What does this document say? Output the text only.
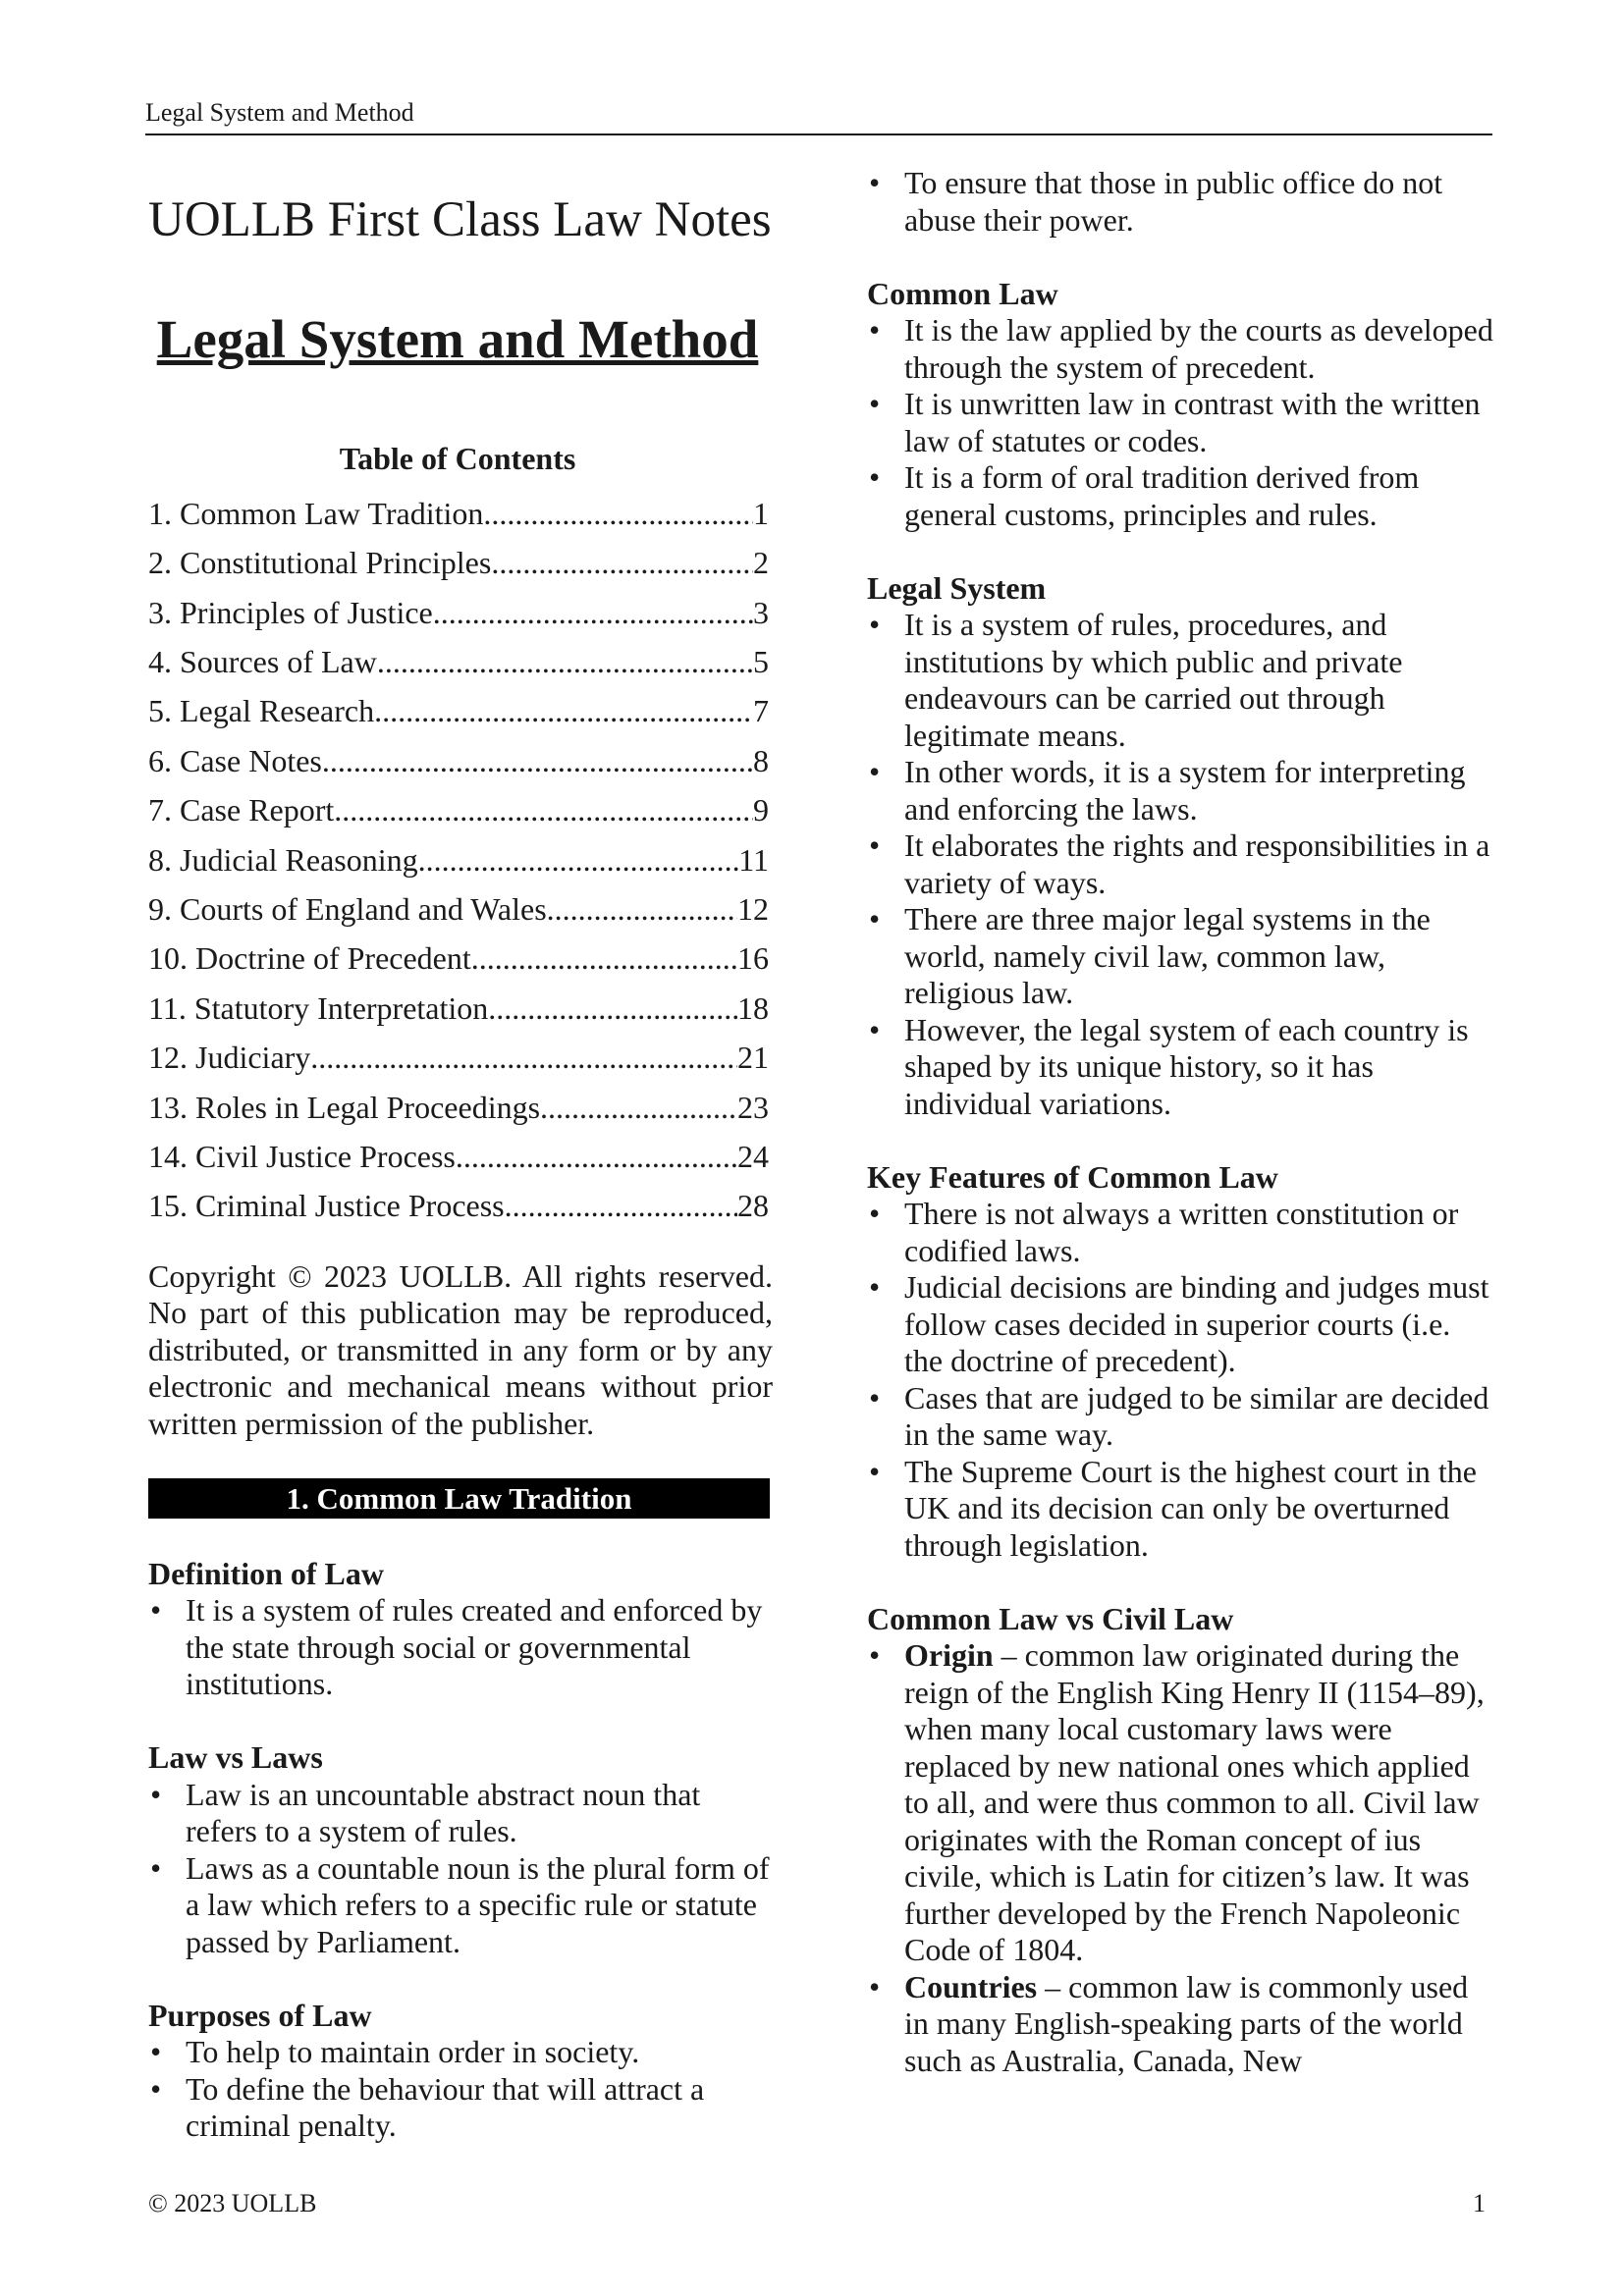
Legal System and Method
UOLLB First Class Law Notes
Legal System and Method
Table of Contents
1. Common Law Tradition .....	1
2. Constitutional Principles .....	2
3. Principles of Justice .....	3
4. Sources of Law .....	5
5. Legal Research .....	7
6. Case Notes .....	8
7. Case Report .....	9
8. Judicial Reasoning .....	11
9. Courts of England and Wales .....	12
10. Doctrine of Precedent .....	16
11. Statutory Interpretation .....	18
12. Judiciary .....	21
13. Roles in Legal Proceedings .....	23
14. Civil Justice Process .....	24
15. Criminal Justice Process .....	28

Copyright © 2023 UOLLB. All rights reserved. No part of this publication may be reproduced, distributed, or transmitted in any form or by any electronic and mechanical means without prior written permission of the publisher.

1. Common Law Tradition
Definition of Law
• It is a system of rules created and enforced by the state through social or governmental institutions.
Law vs Laws
• Law is an uncountable abstract noun that refers to a system of rules.
• Laws as a countable noun is the plural form of a law which refers to a specific rule or statute passed by Parliament.
Purposes of Law
• To help to maintain order in society.
• To define the behaviour that will attract a criminal penalty.
• To ensure that those in public office do not abuse their power.
Common Law
• It is the law applied by the courts as developed through the system of precedent.
• It is unwritten law in contrast with the written law of statutes or codes.
• It is a form of oral tradition derived from general customs, principles and rules.
Legal System
• It is a system of rules, procedures, and institutions by which public and private endeavours can be carried out through legitimate means.
• In other words, it is a system for interpreting and enforcing the laws.
• It elaborates the rights and responsibilities in a variety of ways.
• There are three major legal systems in the world, namely civil law, common law, religious law.
• However, the legal system of each country is shaped by its unique history, so it has individual variations.
Key Features of Common Law
• There is not always a written constitution or codified laws.
• Judicial decisions are binding and judges must follow cases decided in superior courts (i.e. the doctrine of precedent).
• Cases that are judged to be similar are decided in the same way.
• The Supreme Court is the highest court in the UK and its decision can only be overturned through legislation.
Common Law vs Civil Law
• Origin – common law originated during the reign of the English King Henry II (1154–89), when many local customary laws were replaced by new national ones which applied to all, and were thus common to all. Civil law originates with the Roman concept of ius civile, which is Latin for citizen’s law. It was further developed by the French Napoleonic Code of 1804.
• Countries – common law is commonly used in many English-speaking parts of the world such as Australia, Canada, New
© 2023 UOLLB	1
